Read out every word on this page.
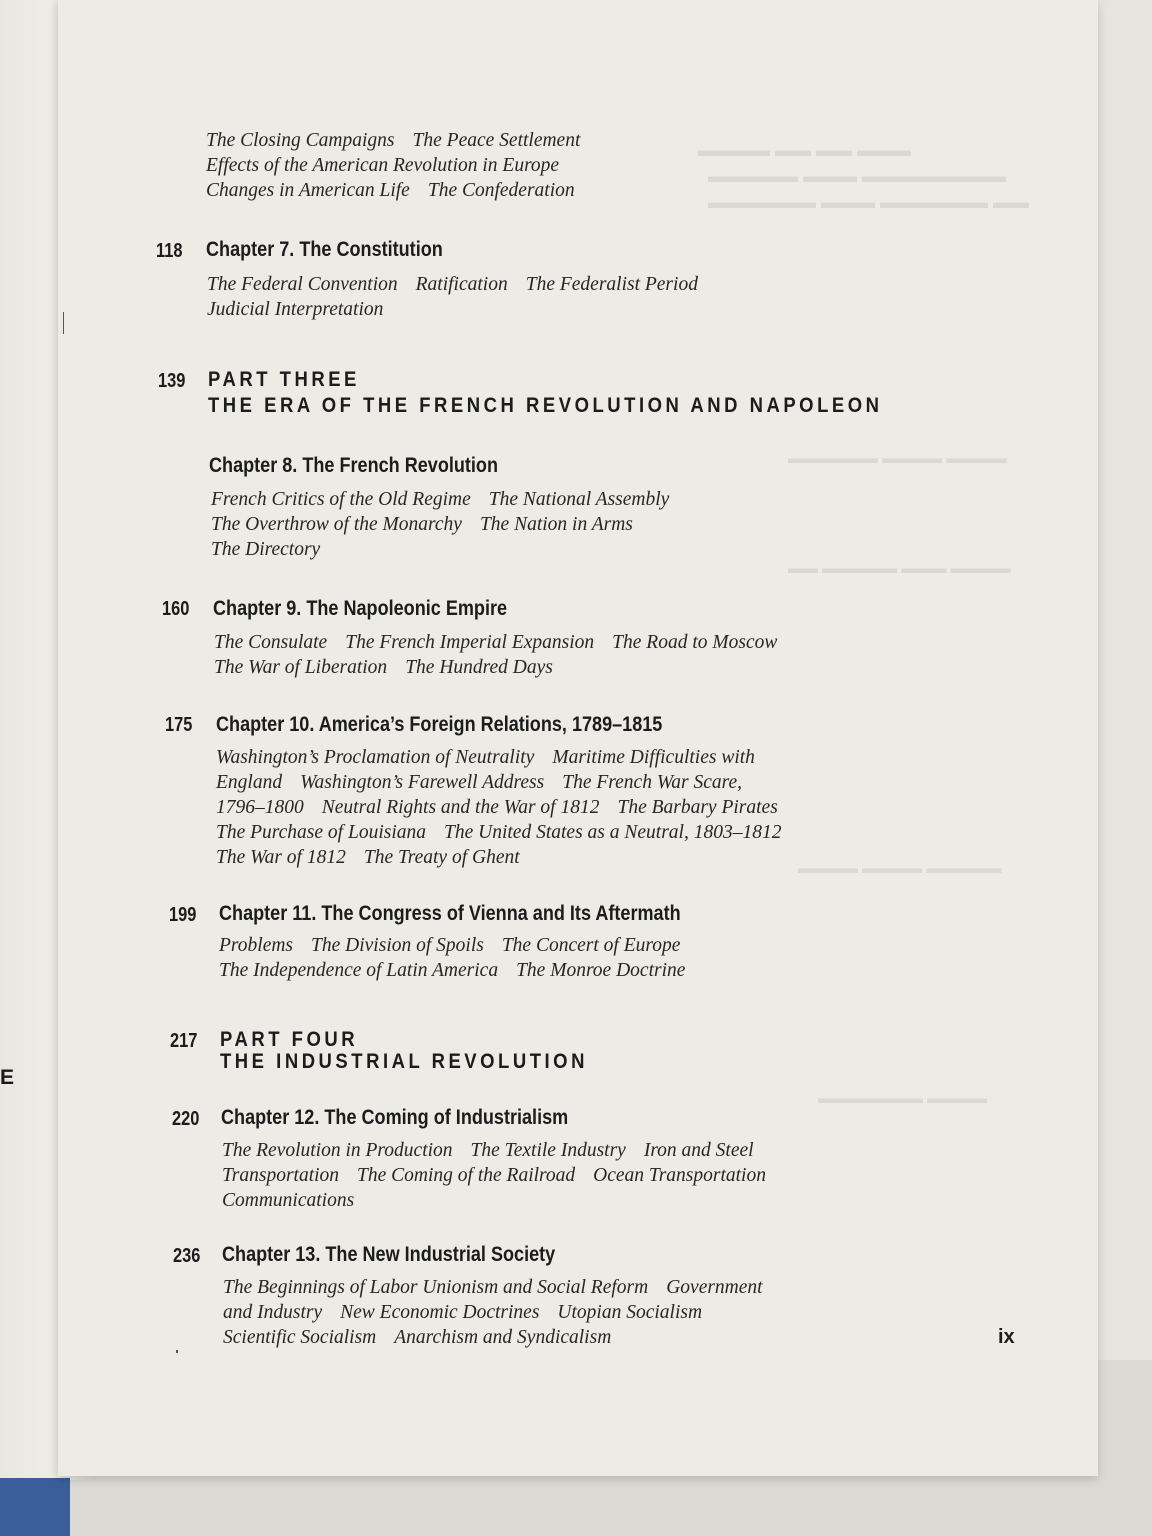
E
▬▬▬ ▬▬ ▬▬ ▬▬▬▬
▬▬▬▬▬▬▬▬ ▬▬▬ ▬▬▬▬▬
▬▬ ▬▬▬▬▬▬ ▬▬▬ ▬▬▬▬▬▬
▬▬▬▬ ▬▬▬▬ ▬▬▬▬▬▬
▬▬▬▬ ▬▬▬ ▬▬▬▬▬ ▬▬
▬▬▬▬▬ ▬▬▬▬ ▬▬▬▬
▬▬▬▬ ▬▬▬▬▬▬▬
The Closing Campaigns The Peace Settlement
Effects of the American Revolution in Europe
Changes in American Life The Confederation
118 Chapter 7. The Constitution
The Federal Convention Ratification The Federalist Period
Judicial Interpretation
139 PART THREE
THE ERA OF THE FRENCH REVOLUTION AND NAPOLEON
Chapter 8. The French Revolution
French Critics of the Old Regime The National Assembly
The Overthrow of the Monarchy The Nation in Arms
The Directory
160 Chapter 9. The Napoleonic Empire
The Consulate The French Imperial Expansion The Road to Moscow
The War of Liberation The Hundred Days
175 Chapter 10. America’s Foreign Relations, 1789–1815
Washington’s Proclamation of Neutrality Maritime Difficulties with
England Washington’s Farewell Address The French War Scare,
1796–1800 Neutral Rights and the War of 1812 The Barbary Pirates
The Purchase of Louisiana The United States as a Neutral, 1803–1812
The War of 1812 The Treaty of Ghent
199 Chapter 11. The Congress of Vienna and Its Aftermath
Problems The Division of Spoils The Concert of Europe
The Independence of Latin America The Monroe Doctrine
217 PART FOUR
THE INDUSTRIAL REVOLUTION
220 Chapter 12. The Coming of Industrialism
The Revolution in Production The Textile Industry Iron and Steel
Transportation The Coming of the Railroad Ocean Transportation
Communications
236 Chapter 13. The New Industrial Society
The Beginnings of Labor Unionism and Social Reform Government
and Industry New Economic Doctrines Utopian Socialism
Scientific Socialism Anarchism and Syndicalism	ix
